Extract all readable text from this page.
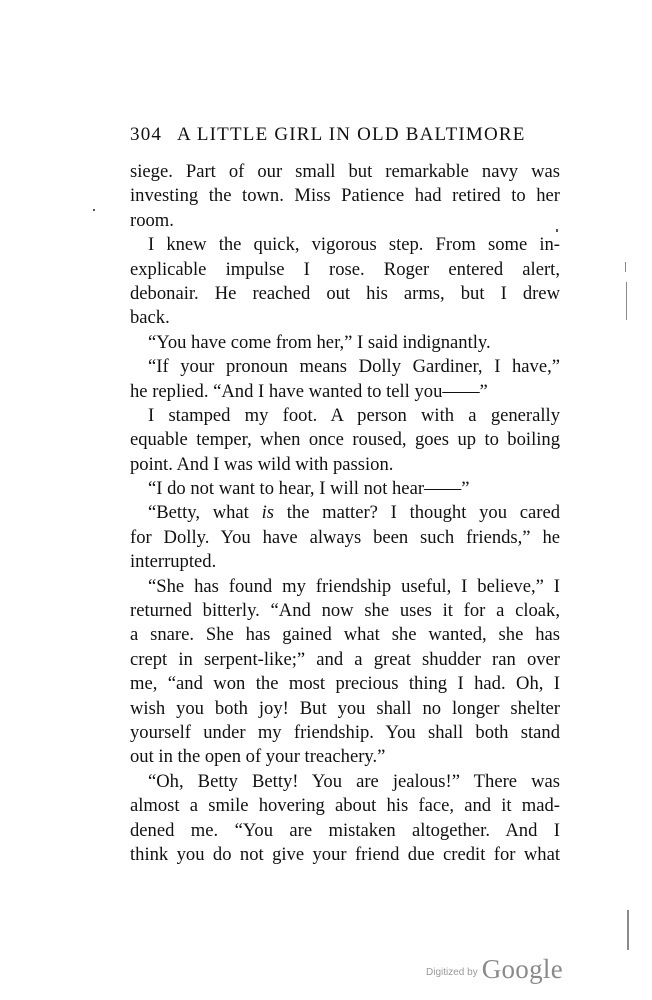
304 A LITTLE GIRL IN OLD BALTIMORE
siege. Part of our small but remarkable navy was
investing the town. Miss Patience had retired to her
room.
I knew the quick, vigorous step. From some in-
explicable impulse I rose. Roger entered alert,
debonair. He reached out his arms, but I drew
back.
“You have come from her,” I said indignantly.
“If your pronoun means Dolly Gardiner, I have,”
he replied. “And I have wanted to tell you——”
I stamped my foot. A person with a generally
equable temper, when once roused, goes up to boiling
point. And I was wild with passion.
“I do not want to hear, I will not hear——”
“Betty, what is the matter? I thought you cared
for Dolly. You have always been such friends,” he
interrupted.
“She has found my friendship useful, I believe,” I
returned bitterly. “And now she uses it for a cloak,
a snare. She has gained what she wanted, she has
crept in serpent-like;” and a great shudder ran over
me, “and won the most precious thing I had. Oh, I
wish you both joy! But you shall no longer shelter
yourself under my friendship. You shall both stand
out in the open of your treachery.”
“Oh, Betty Betty! You are jealous!” There was
almost a smile hovering about his face, and it mad-
dened me. “You are mistaken altogether. And I
think you do not give your friend due credit for what
Digitized by Google
